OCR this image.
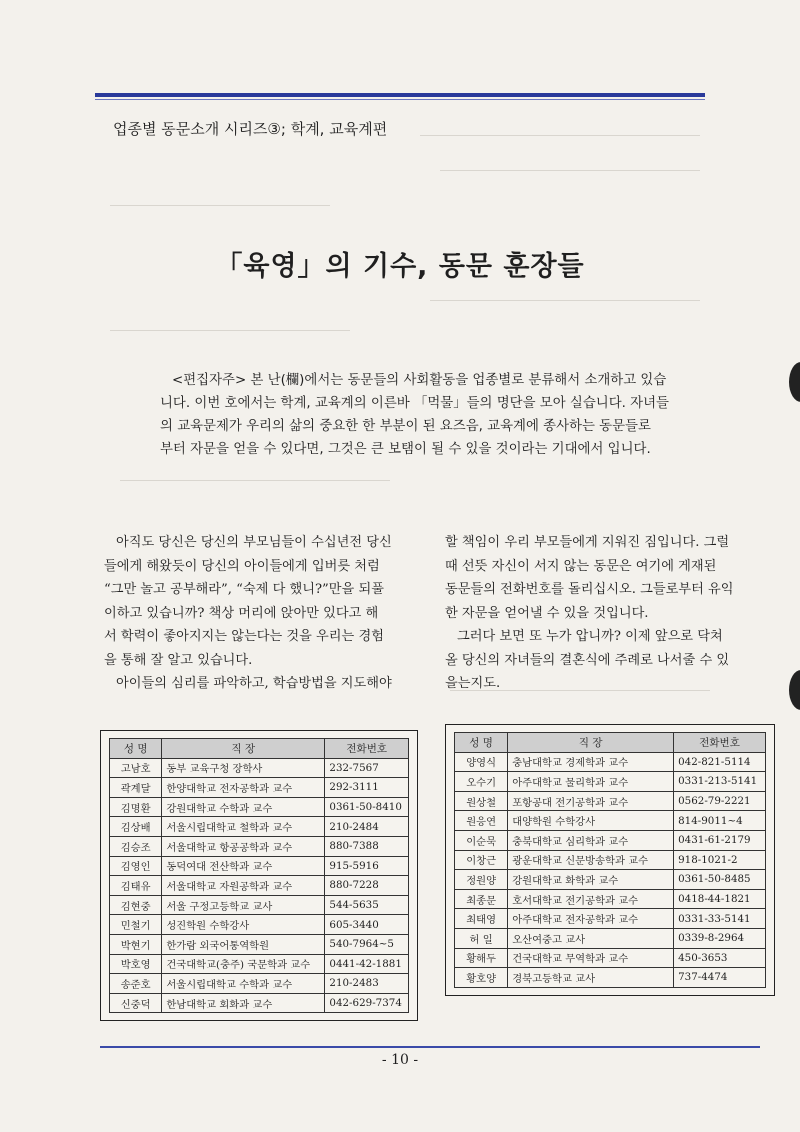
업종별 동문소개 시리즈③; 학계, 교육계편
「육영」의 기수, 동문 훈장들
<편집자주> 본 난(欄)에서는 동문들의 사회활동을 업종별로 분류해서 소개하고 있습
니다. 이번 호에서는 학계, 교육계의 이른바 「먹물」들의 명단을 모아 실습니다. 자녀들
의 교육문제가 우리의 삶의 중요한 한 부분이 된 요즈음, 교육계에 종사하는 동문들로
부터 자문을 얻을 수 있다면, 그것은 큰 보탬이 될 수 있을 것이라는 기대에서 입니다.
아직도 당신은 당신의 부모님들이 수십년전 당신
들에게 해왔듯이 당신의 아이들에게 입버릇 처럼
“그만 놀고 공부해라”, “숙제 다 했니?”만을 되풀
이하고 있습니까? 책상 머리에 앉아만 있다고 해
서 학력이 좋아지지는 않는다는 것을 우리는 경험
을 통해 잘 알고 있습니다.
아이들의 심리를 파악하고, 학습방법을 지도해야
할 책임이 우리 부모들에게 지워진 짐입니다. 그럴
때 선뜻 자신이 서지 않는 동문은 여기에 게재된
동문들의 전화번호를 돌리십시오. 그들로부터 유익
한 자문을 얻어낼 수 있을 것입니다.
그러다 보면 또 누가 압니까? 이제 앞으로 닥쳐
올 당신의 자녀들의 결혼식에 주례로 나서줄 수 있
을는지도.
성 명	직 장	전화번호
고남호	동부 교육구청 장학사	232-7567
곽계달	한양대학교 전자공학과 교수	292-3111
김명환	강원대학교 수학과 교수	0361-50-8410
김상배	서울시립대학교 철학과 교수	210-2484
김승조	서울대학교 항공공학과 교수	880-7388
김영인	동덕여대 전산학과 교수	915-5916
김태유	서울대학교 자원공학과 교수	880-7228
김현중	서울 구정고등학교 교사	544-5635
민철기	성진학원 수학강사	605-3440
박현기	한가람 외국어통역학원	540-7964~5
박호영	건국대학교(충주) 국문학과 교수	0441-42-1881
송준호	서울시립대학교 수학과 교수	210-2483
신중덕	한남대학교 회화과 교수	042-629-7374
성 명	직 장	전화번호
양영식	충남대학교 경제학과 교수	042-821-5114
오수기	아주대학교 물리학과 교수	0331-213-5141
원상철	포항공대 전기공학과 교수	0562-79-2221
원응연	대양학원 수학강사	814-9011~4
이순묵	충북대학교 심리학과 교수	0431-61-2179
이창근	광운대학교 신문방송학과 교수	918-1021-2
정원양	강원대학교 화학과 교수	0361-50-8485
최종문	호서대학교 전기공학과 교수	0418-44-1821
최태영	아주대학교 전자공학과 교수	0331-33-5141
허 일	오산여중고 교사	0339-8-2964
황해두	건국대학교 무역학과 교수	450-3653
황호양	경북고등학교 교사	737-4474
- 10 -
